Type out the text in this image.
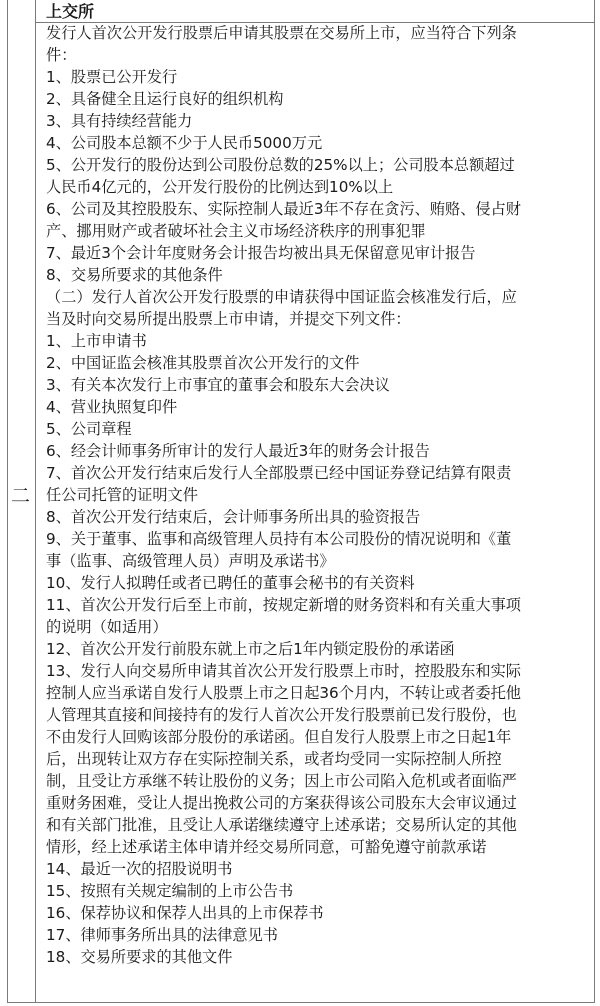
二
上交所
发行人首次公开发行股票后申请其股票在交易所上市，应当符合下列条
件：
1、股票已公开发行
2、具备健全且运行良好的组织机构
3、具有持续经营能力
4、公司股本总额不少于人民币5000万元
5、公开发行的股份达到公司股份总数的25%以上；公司股本总额超过
人民币4亿元的，公开发行股份的比例达到10%以上
6、公司及其控股股东、实际控制人最近3年不存在贪污、贿赂、侵占财
产、挪用财产或者破坏社会主义市场经济秩序的刑事犯罪
7、最近3个会计年度财务会计报告均被出具无保留意见审计报告
8、交易所要求的其他条件
（二）发行人首次公开发行股票的申请获得中国证监会核准发行后，应
当及时向交易所提出股票上市申请，并提交下列文件：
1、上市申请书
2、中国证监会核准其股票首次公开发行的文件
3、有关本次发行上市事宜的董事会和股东大会决议
4、营业执照复印件
5、公司章程
6、经会计师事务所审计的发行人最近3年的财务会计报告
7、首次公开发行结束后发行人全部股票已经中国证券登记结算有限责
任公司托管的证明文件
8、首次公开发行结束后，会计师事务所出具的验资报告
9、关于董事、监事和高级管理人员持有本公司股份的情况说明和《董
事（监事、高级管理人员）声明及承诺书》
10、发行人拟聘任或者已聘任的董事会秘书的有关资料
11、首次公开发行后至上市前，按规定新增的财务资料和有关重大事项
的说明（如适用）
12、首次公开发行前股东就上市之后1年内锁定股份的承诺函
13、发行人向交易所申请其首次公开发行股票上市时，控股股东和实际
控制人应当承诺自发行人股票上市之日起36个月内，不转让或者委托他
人管理其直接和间接持有的发行人首次公开发行股票前已发行股份，也
不由发行人回购该部分股份的承诺函。但自发行人股票上市之日起1年
后，出现转让双方存在实际控制关系，或者均受同一实际控制人所控
制，且受让方承继不转让股份的义务；因上市公司陷入危机或者面临严
重财务困难，受让人提出挽救公司的方案获得该公司股东大会审议通过
和有关部门批准，且受让人承诺继续遵守上述承诺；交易所认定的其他
情形，经上述承诺主体申请并经交易所同意，可豁免遵守前款承诺
14、最近一次的招股说明书
15、按照有关规定编制的上市公告书
16、保荐协议和保荐人出具的上市保荐书
17、律师事务所出具的法律意见书
18、交易所要求的其他文件
